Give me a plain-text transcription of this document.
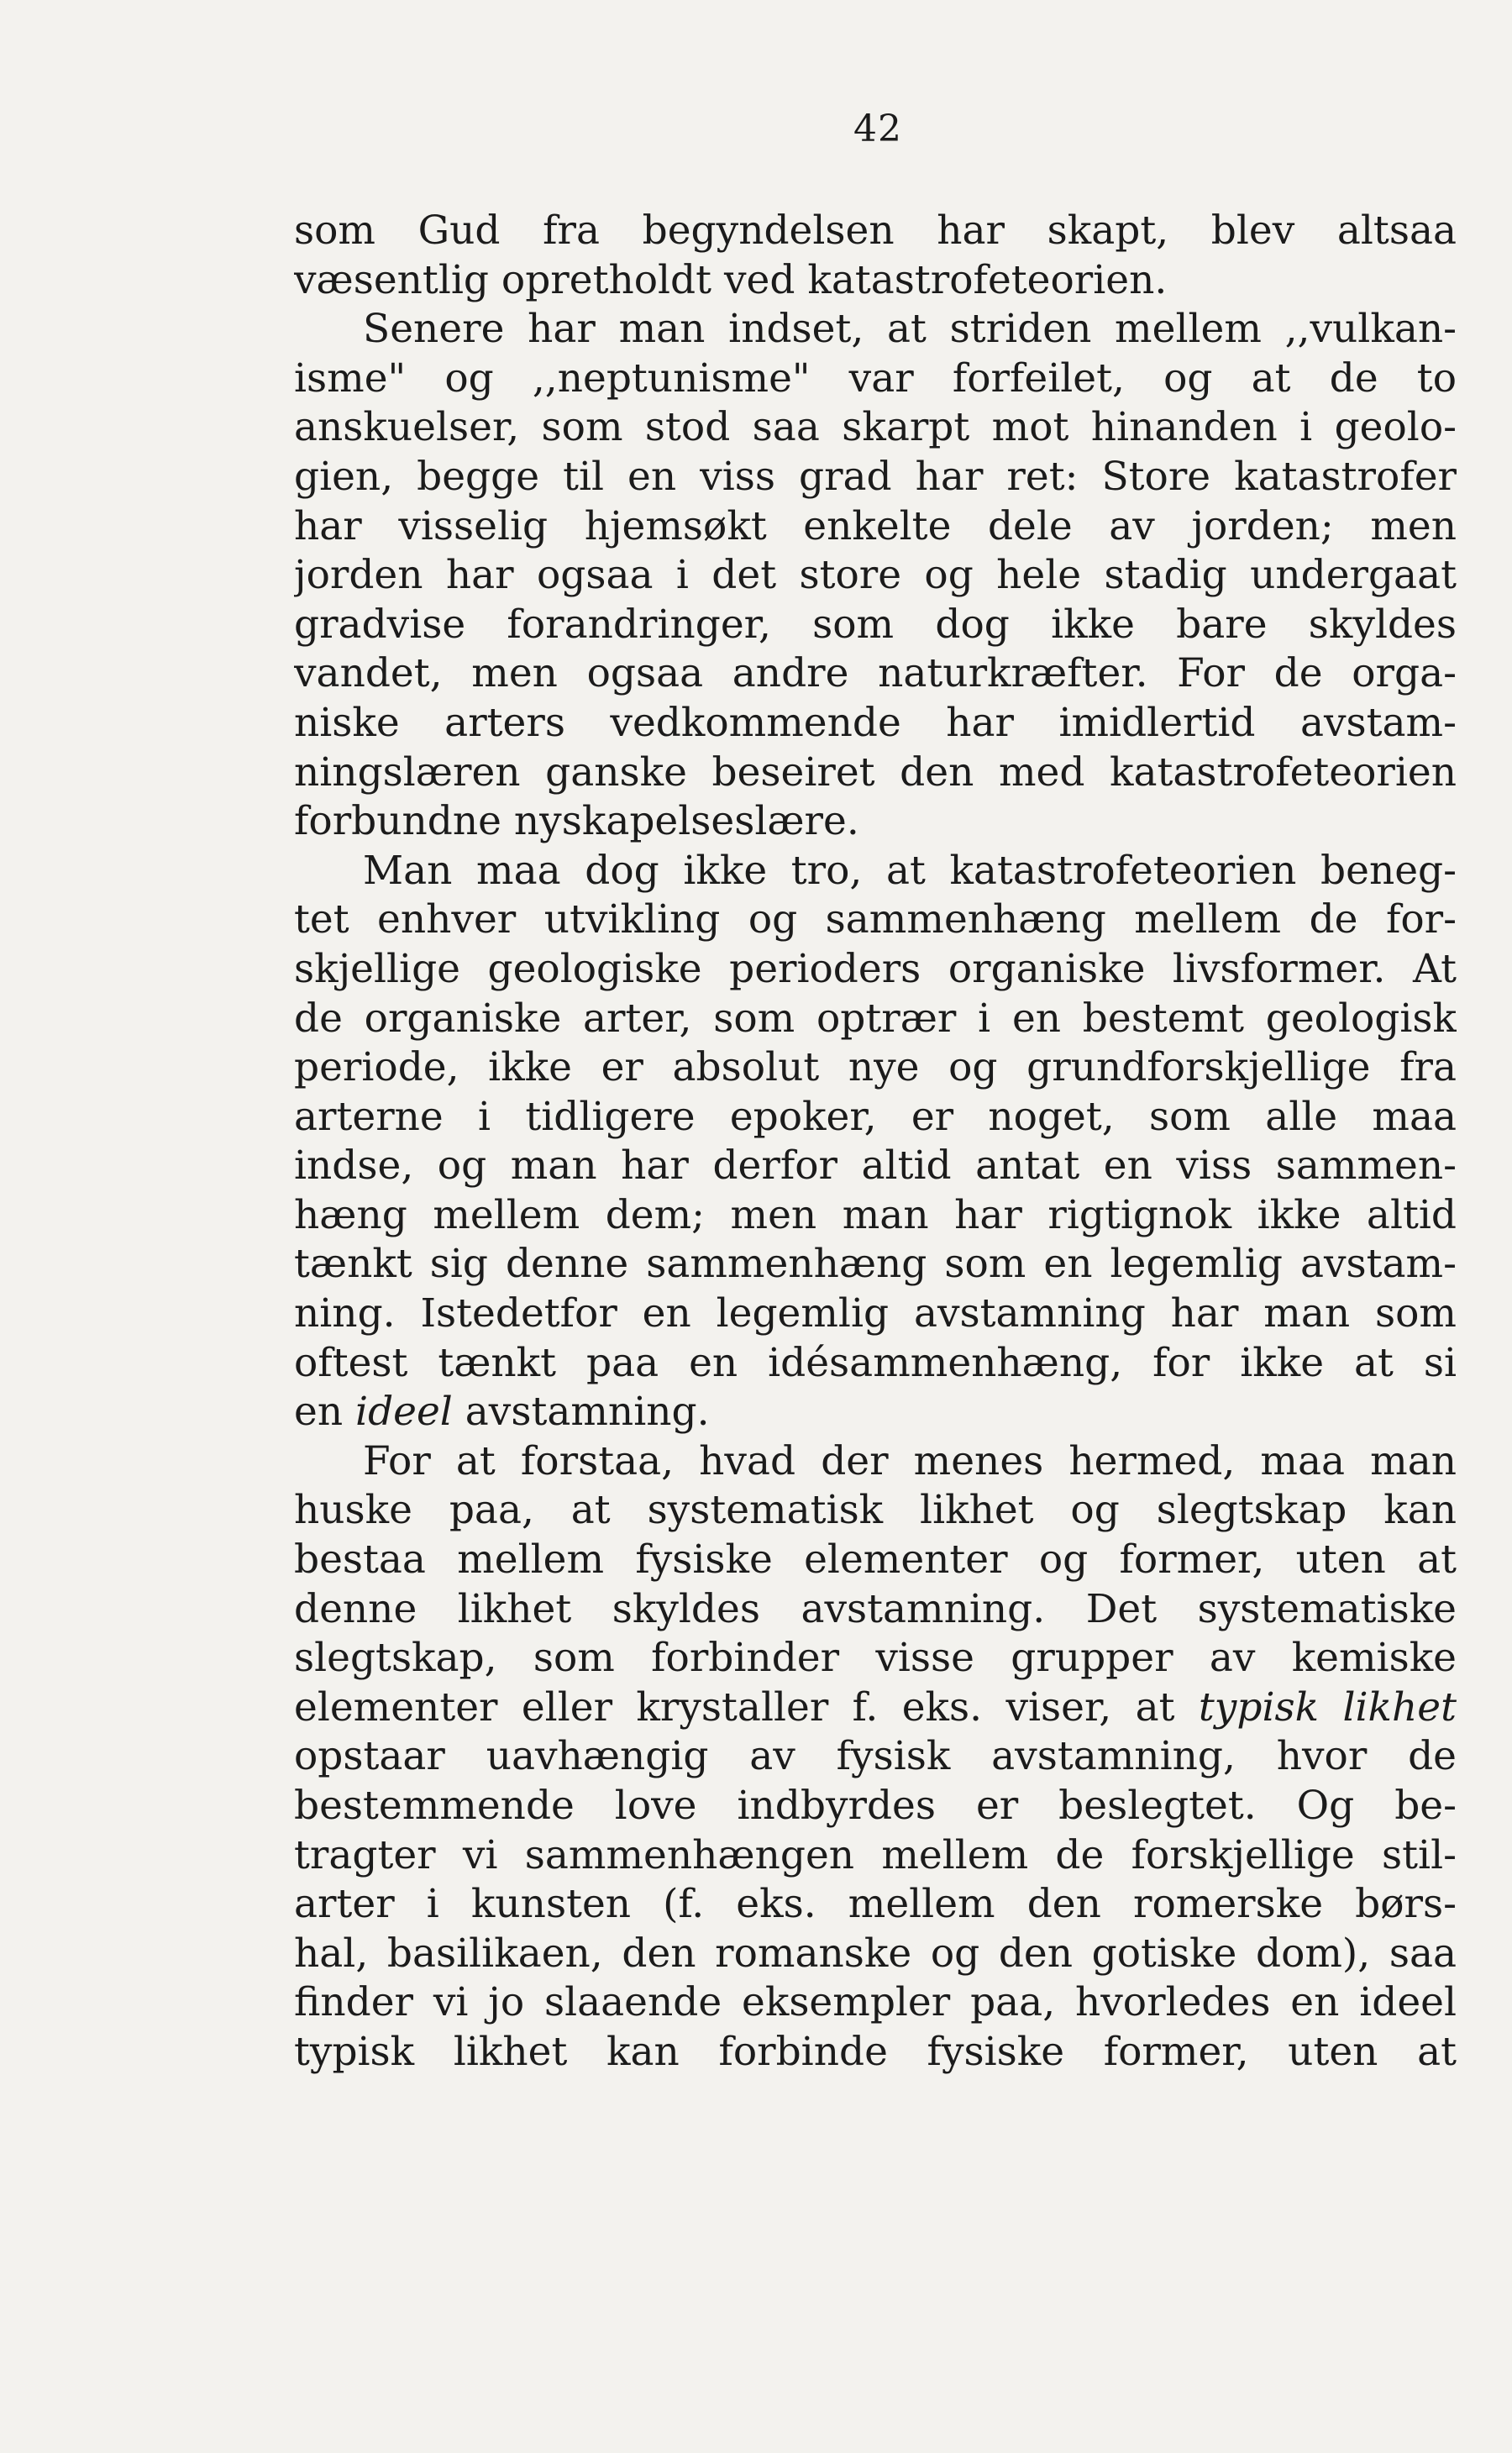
42
som Gud fra begyndelsen har skapt, blev altsaa
væsentlig opretholdt ved katastrofeteorien.
Senere har man indset, at striden mellem ,,vulkan-
isme" og ,,neptunisme" var forfeilet, og at de to
anskuelser, som stod saa skarpt mot hinanden i geolo-
gien, begge til en viss grad har ret: Store katastrofer
har visselig hjemsøkt enkelte dele av jorden; men
jorden har ogsaa i det store og hele stadig undergaat
gradvise forandringer, som dog ikke bare skyldes
vandet, men ogsaa andre naturkræfter. For de orga-
niske arters vedkommende har imidlertid avstam-
ningslæren ganske beseiret den med katastrofeteorien
forbundne nyskapelseslære.
Man maa dog ikke tro, at katastrofeteorien beneg-
tet enhver utvikling og sammenhæng mellem de for-
skjellige geologiske perioders organiske livsformer. At
de organiske arter, som optrær i en bestemt geologisk
periode, ikke er absolut nye og grundforskjellige fra
arterne i tidligere epoker, er noget, som alle maa
indse, og man har derfor altid antat en viss sammen-
hæng mellem dem; men man har rigtignok ikke altid
tænkt sig denne sammenhæng som en legemlig avstam-
ning. Istedetfor en legemlig avstamning har man som
oftest tænkt paa en idésammenhæng, for ikke at si
en ideel avstamning.
For at forstaa, hvad der menes hermed, maa man
huske paa, at systematisk likhet og slegtskap kan
bestaa mellem fysiske elementer og former, uten at
denne likhet skyldes avstamning. Det systematiske
slegtskap, som forbinder visse grupper av kemiske
elementer eller krystaller f. eks. viser, at typisk likhet
opstaar uavhængig av fysisk avstamning, hvor de
bestemmende love indbyrdes er beslegtet. Og be-
tragter vi sammenhængen mellem de forskjellige stil-
arter i kunsten (f. eks. mellem den romerske børs-
hal, basilikaen, den romanske og den gotiske dom), saa
finder vi jo slaaende eksempler paa, hvorledes en ideel
typisk likhet kan forbinde fysiske former, uten at
